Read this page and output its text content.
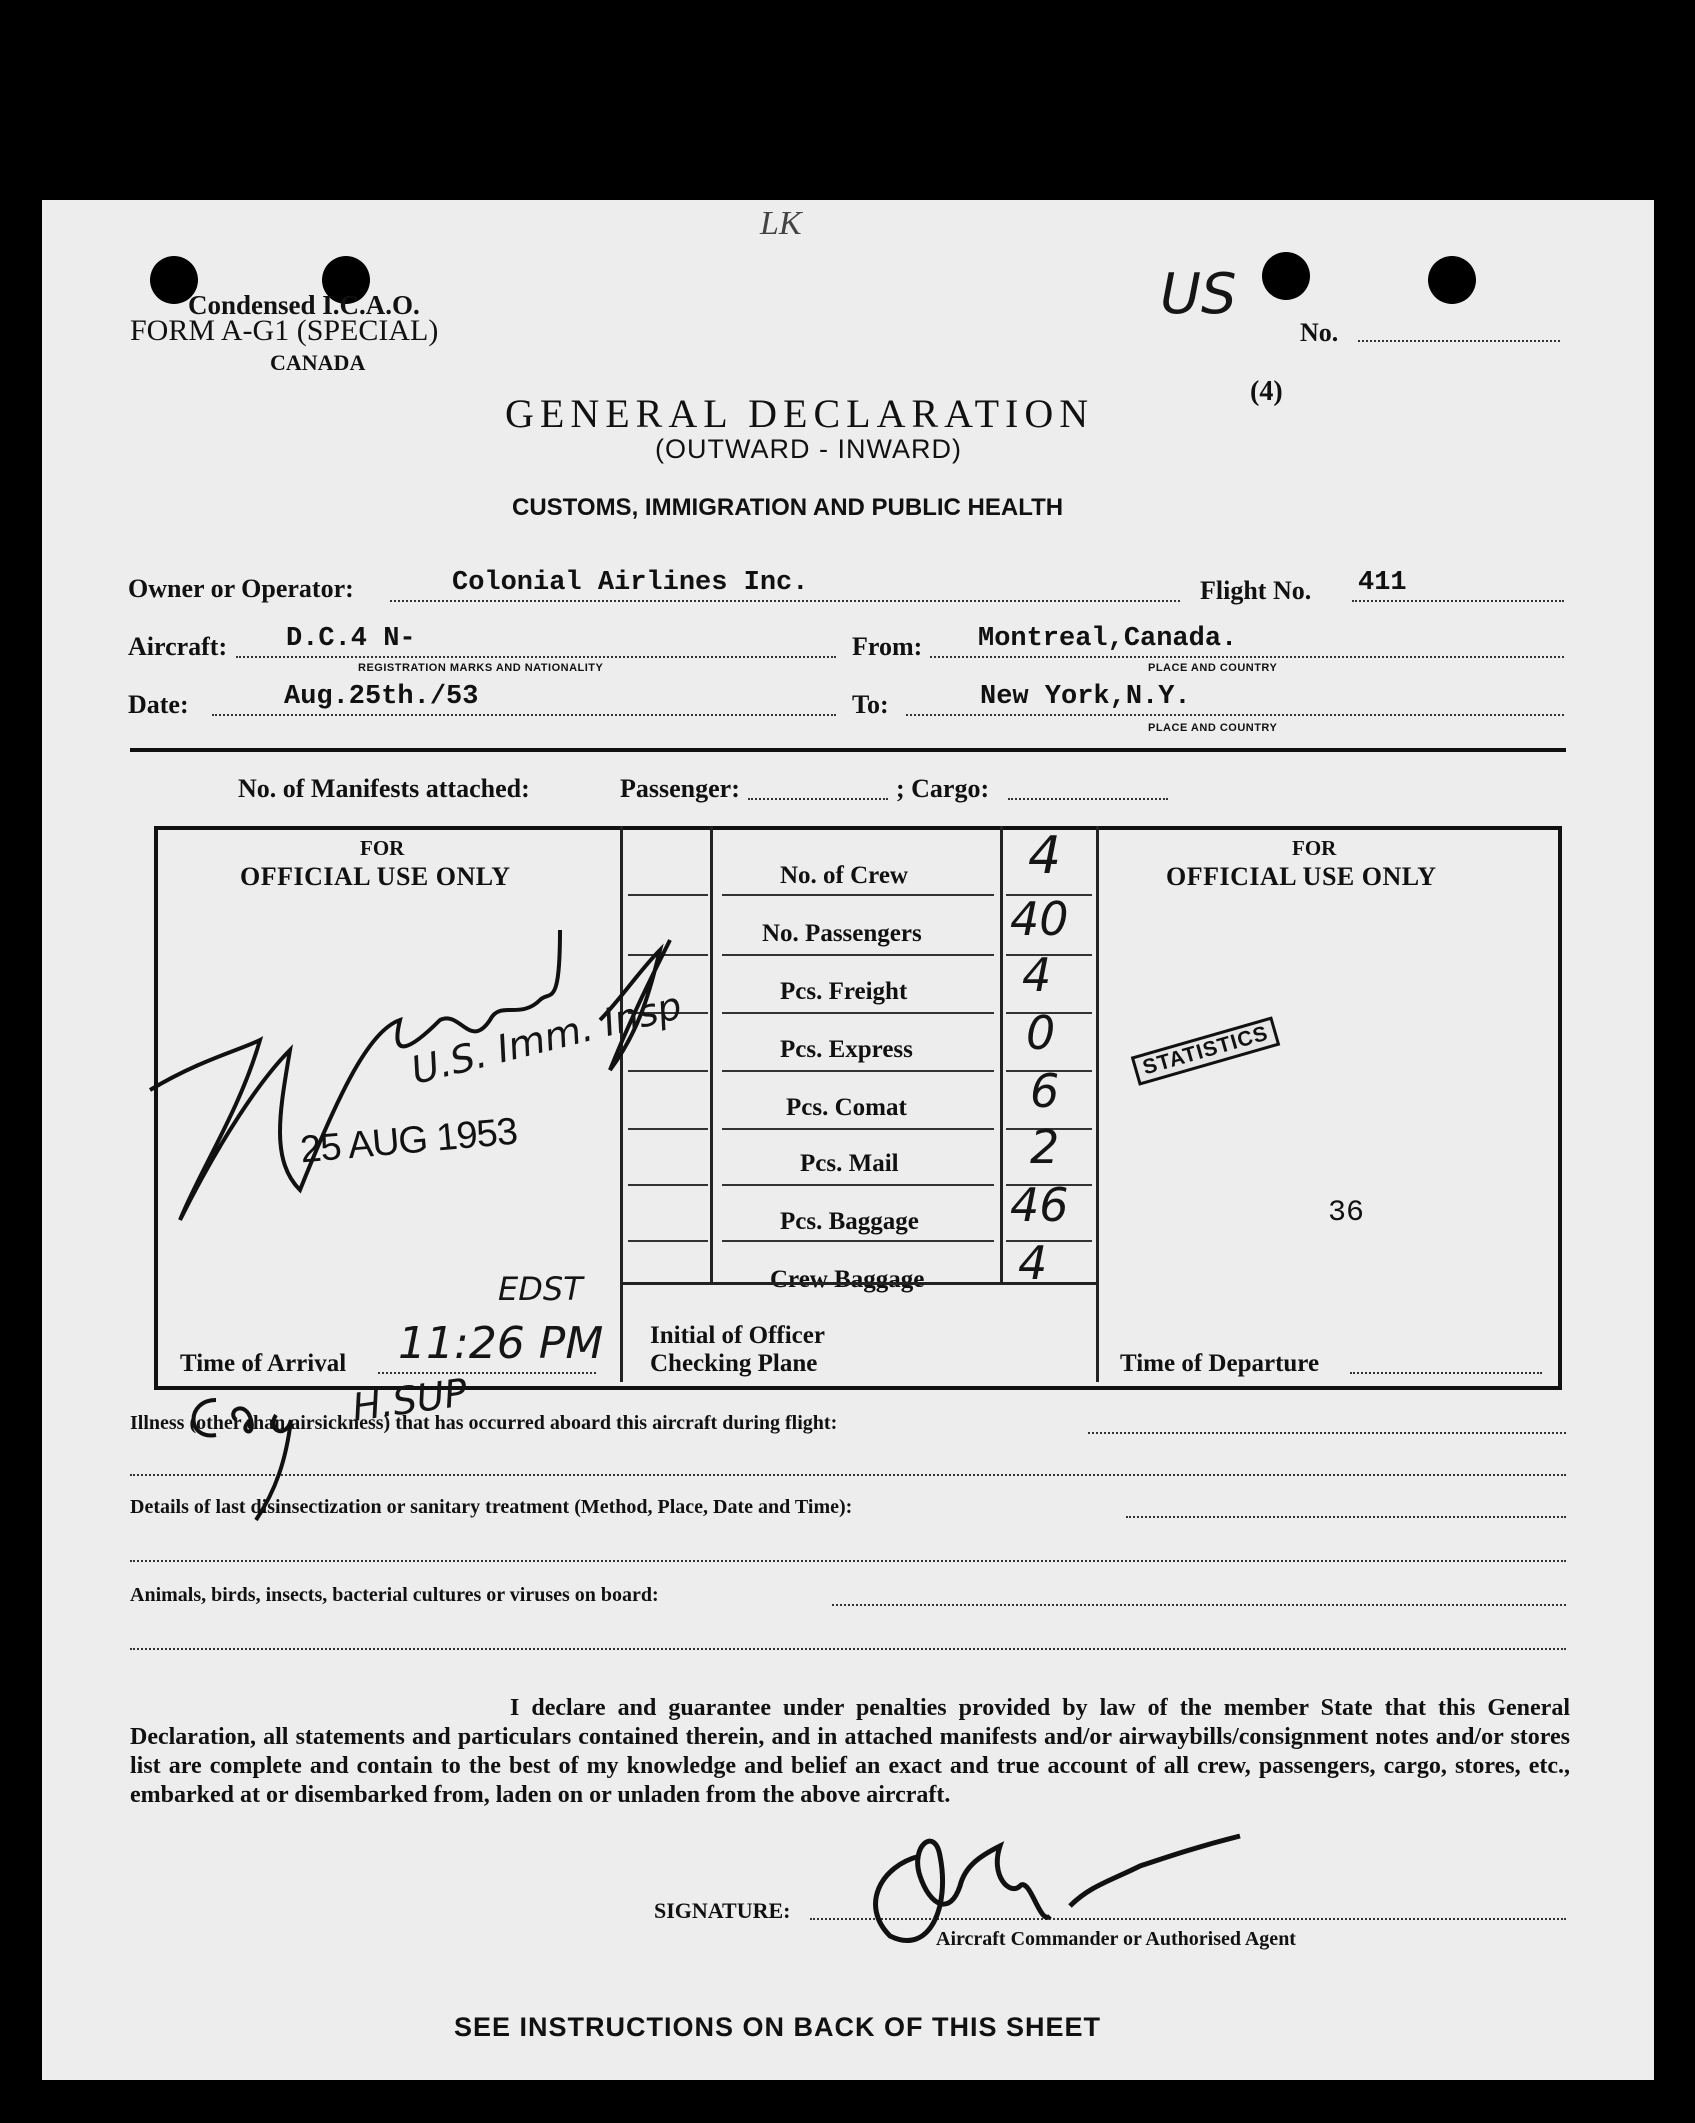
LK
Condensed I.C.A.O.
FORM A-G1 (SPECIAL)
CANADA
US
No.
(4)
GENERAL DECLARATION
(OUTWARD - INWARD)
CUSTOMS, IMMIGRATION AND PUBLIC HEALTH
Owner or Operator:	Colonial Airlines Inc.	Flight No. 411
Aircraft: D.C.4 N-
REGISTRATION MARKS AND NATIONALITY
From: Montreal,Canada.
PLACE AND COUNTRY
Date:	Aug.25th./53	To:	New York,N.Y.
PLACE AND COUNTRY
No. of Manifests attached:	Passenger:	; Cargo:
FOR
OFFICIAL USE ONLY
FOR
OFFICIAL USE ONLY
No. of Crew 4
No. Passengers 40
Pcs. Freight 4
Pcs. Express 0
Pcs. Comat	6
Pcs. Mail	2
Pcs. Baggage 46
Crew Baggage 4
Time of Arrival 11:26 PM
EDST
Initial of Officer
Checking Plane	Time of Departure
U.S. Imm. Insp
25 AUG 1953
STATISTICS
36
Illness (other than airsickness) that has occurred aboard this aircraft during flight:
H.SUP
Details of last disinsectization or sanitary treatment (Method, Place, Date and Time):
Animals, birds, insects, bacterial cultures or viruses on board:
I declare and guarantee under penalties provided by law of the member State that this General Declaration, all statements and particulars contained therein, and in attached manifests and/or airwaybills/consignment notes and/or stores list are complete and contain to the best of my knowledge and belief an exact and true account of all crew, passengers, cargo, stores, etc., embarked at or disembarked from, laden on or unladen from the above aircraft.
SIGNATURE:
Aircraft Commander or Authorised Agent
SEE INSTRUCTIONS ON BACK OF THIS SHEET
